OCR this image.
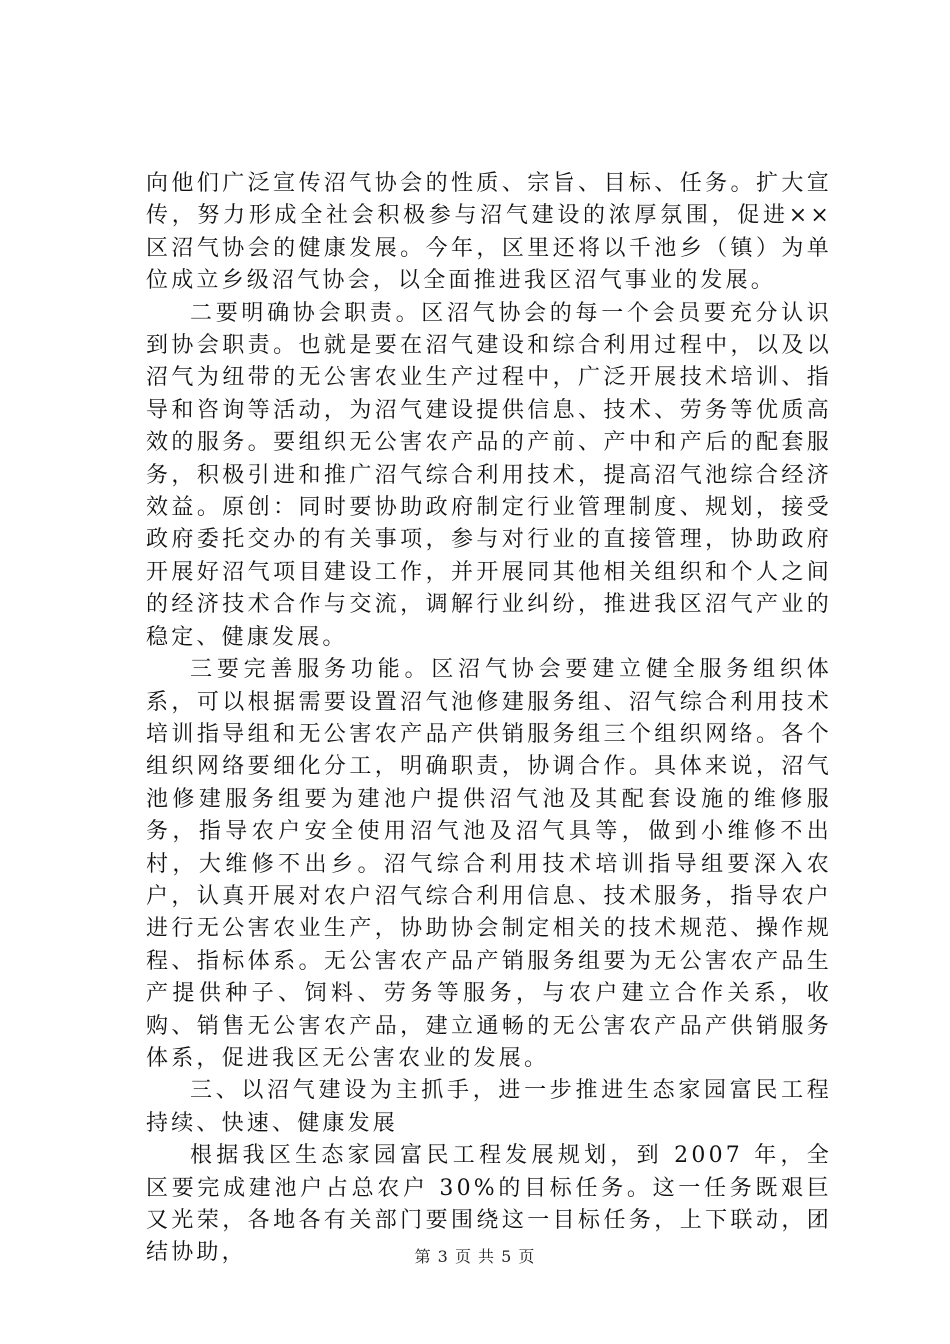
向他们广泛宣传沼气协会的性质、宗旨、目标、任务。扩大宣传，努力形成全社会积极参与沼气建设的浓厚氛围，促进××区沼气协会的健康发展。今年，区里还将以千池乡（镇）为单位成立乡级沼气协会，以全面推进我区沼气事业的发展。

二要明确协会职责。区沼气协会的每一个会员要充分认识到协会职责。也就是要在沼气建设和综合利用过程中，以及以沼气为纽带的无公害农业生产过程中，广泛开展技术培训、指导和咨询等活动，为沼气建设提供信息、技术、劳务等优质高效的服务。要组织无公害农产品的产前、产中和产后的配套服务，积极引进和推广沼气综合利用技术，提高沼气池综合经济效益。原创：同时要协助政府制定行业管理制度、规划，接受政府委托交办的有关事项，参与对行业的直接管理，协助政府开展好沼气项目建设工作，并开展同其他相关组织和个人之间的经济技术合作与交流，调解行业纠纷，推进我区沼气产业的稳定、健康发展。

三要完善服务功能。区沼气协会要建立健全服务组织体系，可以根据需要设置沼气池修建服务组、沼气综合利用技术培训指导组和无公害农产品产供销服务组三个组织网络。各个组织网络要细化分工，明确职责，协调合作。具体来说，沼气池修建服务组要为建池户提供沼气池及其配套设施的维修服务，指导农户安全使用沼气池及沼气具等，做到小维修不出村，大维修不出乡。沼气综合利用技术培训指导组要深入农户，认真开展对农户沼气综合利用信息、技术服务，指导农户进行无公害农业生产，协助协会制定相关的技术规范、操作规程、指标体系。无公害农产品产销服务组要为无公害农产品生产提供种子、饲料、劳务等服务，与农户建立合作关系，收购、销售无公害农产品，建立通畅的无公害农产品产供销服务体系，促进我区无公害农业的发展。

三、以沼气建设为主抓手，进一步推进生态家园富民工程持续、快速、健康发展

根据我区生态家园富民工程发展规划，到 2007 年，全区要完成建池户占总农户 30%的目标任务。这一任务既艰巨又光荣，各地各有关部门要围绕这一目标任务，上下联动，团结协助，	第 3 页 共 5 页
